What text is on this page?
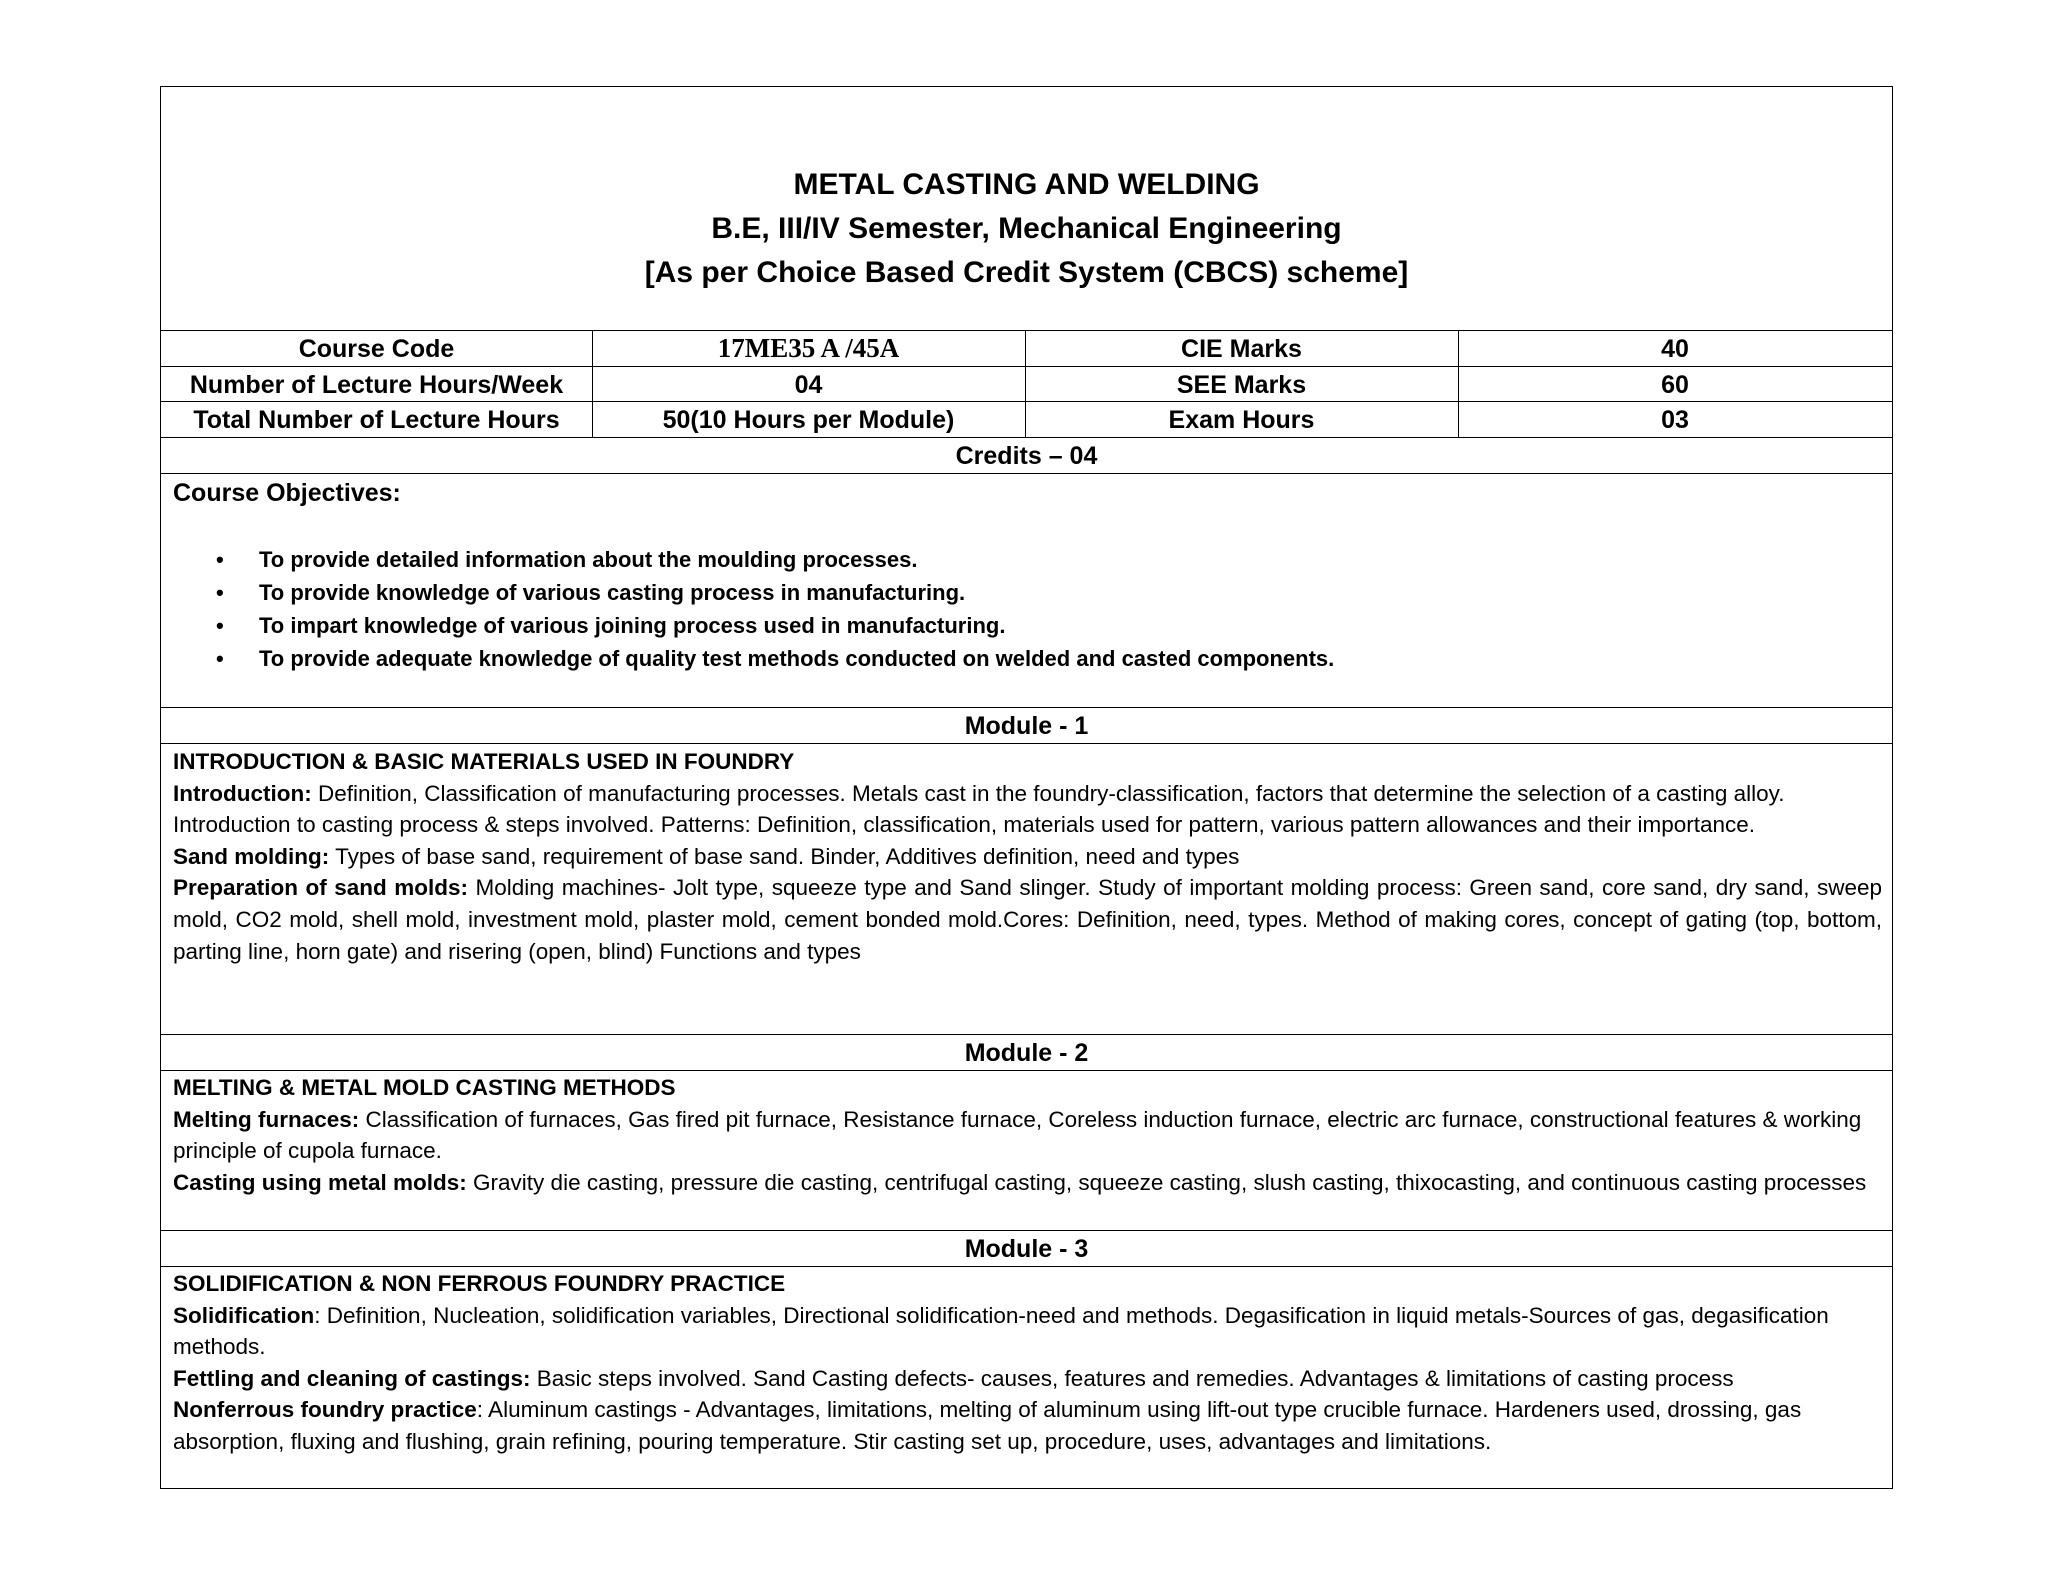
METAL CASTING AND WELDING
B.E, III/IV Semester, Mechanical Engineering
[As per Choice Based Credit System (CBCS) scheme]
Course Code	17ME35 A /45A	CIE Marks	40
Number of Lecture Hours/Week	04	SEE Marks	60
Total Number of Lecture Hours	50(10 Hours per Module)	Exam Hours	03
Credits – 04
Course Objectives:
• To provide detailed information about the moulding processes.
• To provide knowledge of various casting process in manufacturing.
• To impart knowledge of various joining process used in manufacturing.
• To provide adequate knowledge of quality test methods conducted on welded and casted components.
Module - 1

INTRODUCTION & BASIC MATERIALS USED IN FOUNDRY

Introduction: Definition, Classification of manufacturing processes. Metals cast in the foundry-classification, factors that determine the selection of a casting alloy.

Introduction to casting process & steps involved. Patterns: Definition, classification, materials used for pattern, various pattern allowances and their importance.

Sand molding: Types of base sand, requirement of base sand. Binder, Additives definition, need and types

Preparation of sand molds: Molding machines- Jolt type, squeeze type and Sand slinger. Study of important molding process: Green sand, core sand, dry sand, sweep mold, CO2 mold, shell mold, investment mold, plaster mold, cement bonded mold.Cores: Definition, need, types. Method of making cores, concept of gating (top, bottom, parting line, horn gate) and risering (open, blind) Functions and types

Module - 2

MELTING & METAL MOLD CASTING METHODS

Melting furnaces: Classification of furnaces, Gas fired pit furnace, Resistance furnace, Coreless induction furnace, electric arc furnace, constructional features & working principle of cupola furnace.

Casting using metal molds: Gravity die casting, pressure die casting, centrifugal casting, squeeze casting, slush casting, thixocasting, and continuous casting processes

Module - 3

SOLIDIFICATION & NON FERROUS FOUNDRY PRACTICE

Solidification: Definition, Nucleation, solidification variables, Directional solidification-need and methods. Degasification in liquid metals-Sources of gas, degasification methods.

Fettling and cleaning of castings: Basic steps involved. Sand Casting defects- causes, features and remedies. Advantages & limitations of casting process

Nonferrous foundry practice: Aluminum castings - Advantages, limitations, melting of aluminum using lift-out type crucible furnace. Hardeners used, drossing, gas absorption, fluxing and flushing, grain refining, pouring temperature. Stir casting set up, procedure, uses, advantages and limitations.
